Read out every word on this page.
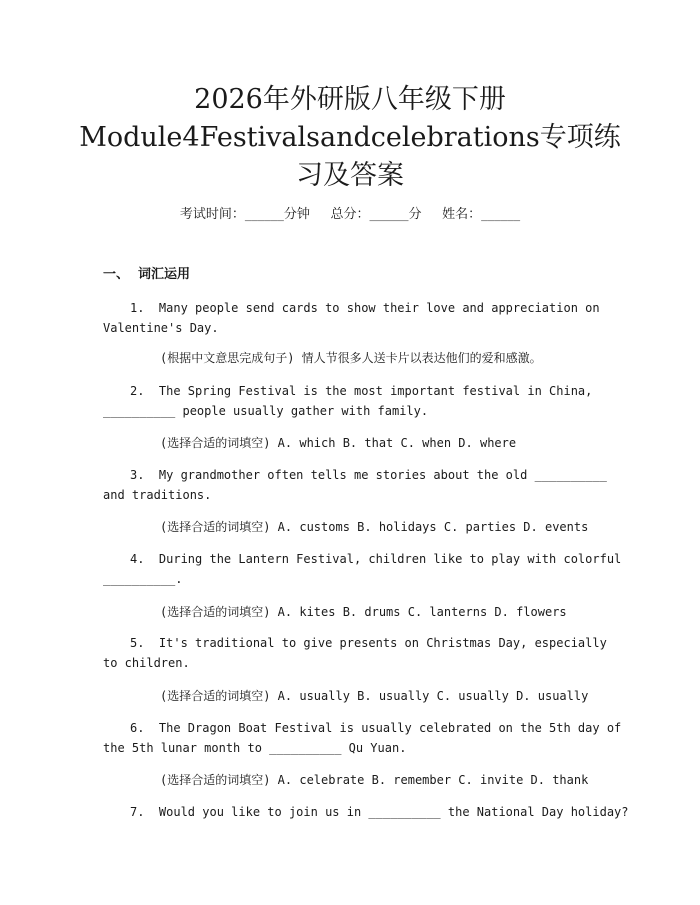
2026年外研版八年级下册
Module4Festivalsandcelebrations专项练
习及答案
考试时间：______分钟     总分：______分     姓名：______
一、  词汇运用
1.  Many people send cards to show their love and appreciation on
Valentine's Day.
(根据中文意思完成句子) 情人节很多人送卡片以表达他们的爱和感激。
2.  The Spring Festival is the most important festival in China,
__________ people usually gather with family.
(选择合适的词填空) A. which B. that C. when D. where
3.  My grandmother often tells me stories about the old __________
and traditions.
(选择合适的词填空) A. customs B. holidays C. parties D. events
4.  During the Lantern Festival, children like to play with colorful
__________.
(选择合适的词填空) A. kites B. drums C. lanterns D. flowers
5.  It's traditional to give presents on Christmas Day, especially
to children.
(选择合适的词填空) A. usually B. usually C. usually D. usually
6.  The Dragon Boat Festival is usually celebrated on the 5th day of
the 5th lunar month to __________ Qu Yuan.
(选择合适的词填空) A. celebrate B. remember C. invite D. thank
7.  Would you like to join us in __________ the National Day holiday?
